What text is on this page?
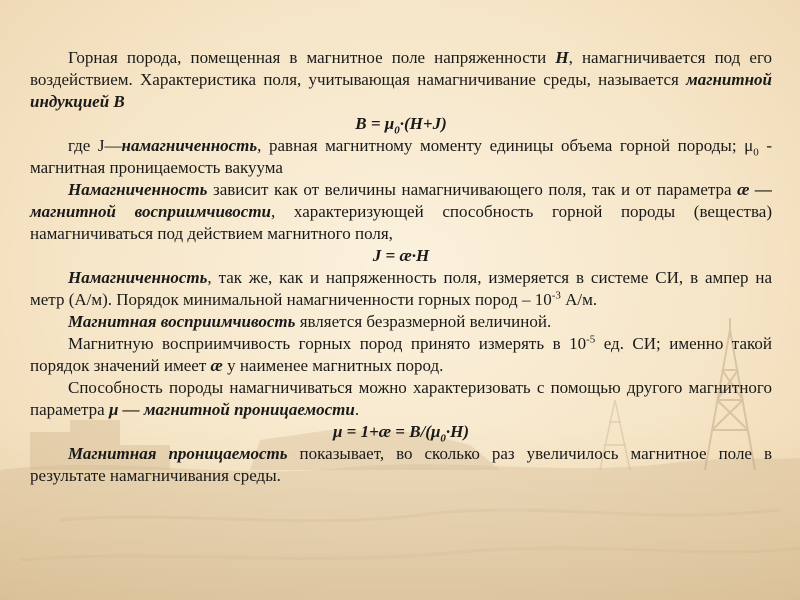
Горная порода, помещенная в магнитное поле напряженности H, намагничивается под его воздействием. Характеристика поля, учитывающая намагничивание среды, называется магнитной индукцией B

$B = \mu_0\cdot(H+J)$

где J—намагниченность, равная магнитному моменту единицы объема горной породы; $\mu_0$ - магнитная проницаемость вакуума

Намагниченность зависит как от величины намагничивающего поля, так и от параметра æ — магнитной восприимчивости, характеризующей способность горной породы (вещества) намагничиваться под действием магнитного поля,

J = æ·H

Намагниченность, так же, как и напряженность поля, измеряется в системе СИ, в ампер на метр (А/м). Порядок минимальной намагниченности горных пород – $10^{-3}$ А/м.

Магнитная восприимчивость является безразмерной величиной.

Магнитную восприимчивость горных пород принято измерять в $10^{-5}$ ед. СИ; именно такой порядок значений имеет æ у наименее магнитных пород.

Способность породы намагничиваться можно характеризовать с помощью другого магнитного параметра μ — магнитной проницаемости.

μ = 1+æ = $B/(\mu_0\cdot H)$

Магнитная проницаемость показывает, во сколько раз увеличилось магнитное поле в результате намагничивания среды.
